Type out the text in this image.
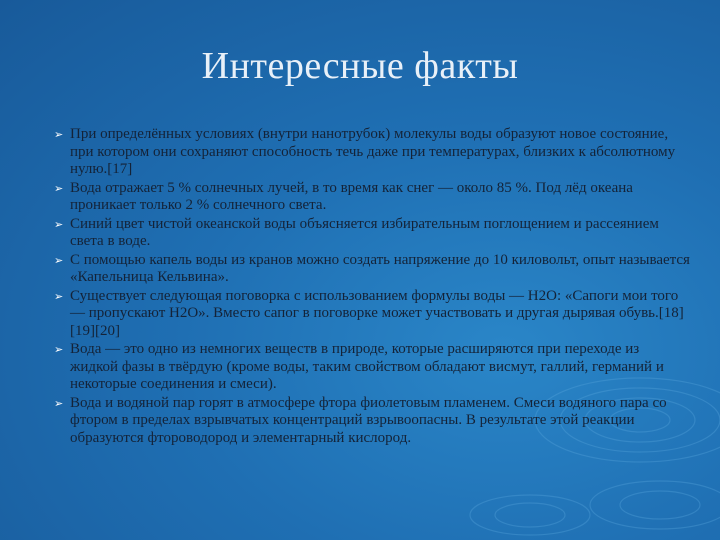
Интересные факты
➢ При определённых условиях (внутри нанотрубок) молекулы воды образуют новое состояние, при котором они сохраняют способность течь даже при температурах, близких к абсолютному нулю.[17]
➢ Вода отражает 5 % солнечных лучей, в то время как снег — около 85 %. Под лёд океана проникает только 2 % солнечного света.
➢ Синий цвет чистой океанской воды объясняется избирательным поглощением и рассеянием света в воде.
➢ С помощью капель воды из кранов можно создать напряжение до 10 киловольт, опыт называется «Капельница Кельвина».
➢ Существует следующая поговорка с использованием формулы воды — Н2О: «Сапоги мои того — пропускают Н2О». Вместо сапог в поговорке может участвовать и другая дырявая обувь.[18][19][20]
➢ Вода — это одно из немногих веществ в природе, которые расширяются при переходе из жидкой фазы в твёрдую (кроме воды, таким свойством обладают висмут, галлий, германий и некоторые соединения и смеси).
➢ Вода и водяной пар горят в атмосфере фтора фиолетовым пламенем. Смеси водяного пара со фтором в пределах взрывчатых концентраций взрывоопасны. В результате этой реакции образуются фтороводород и элементарный кислород.
